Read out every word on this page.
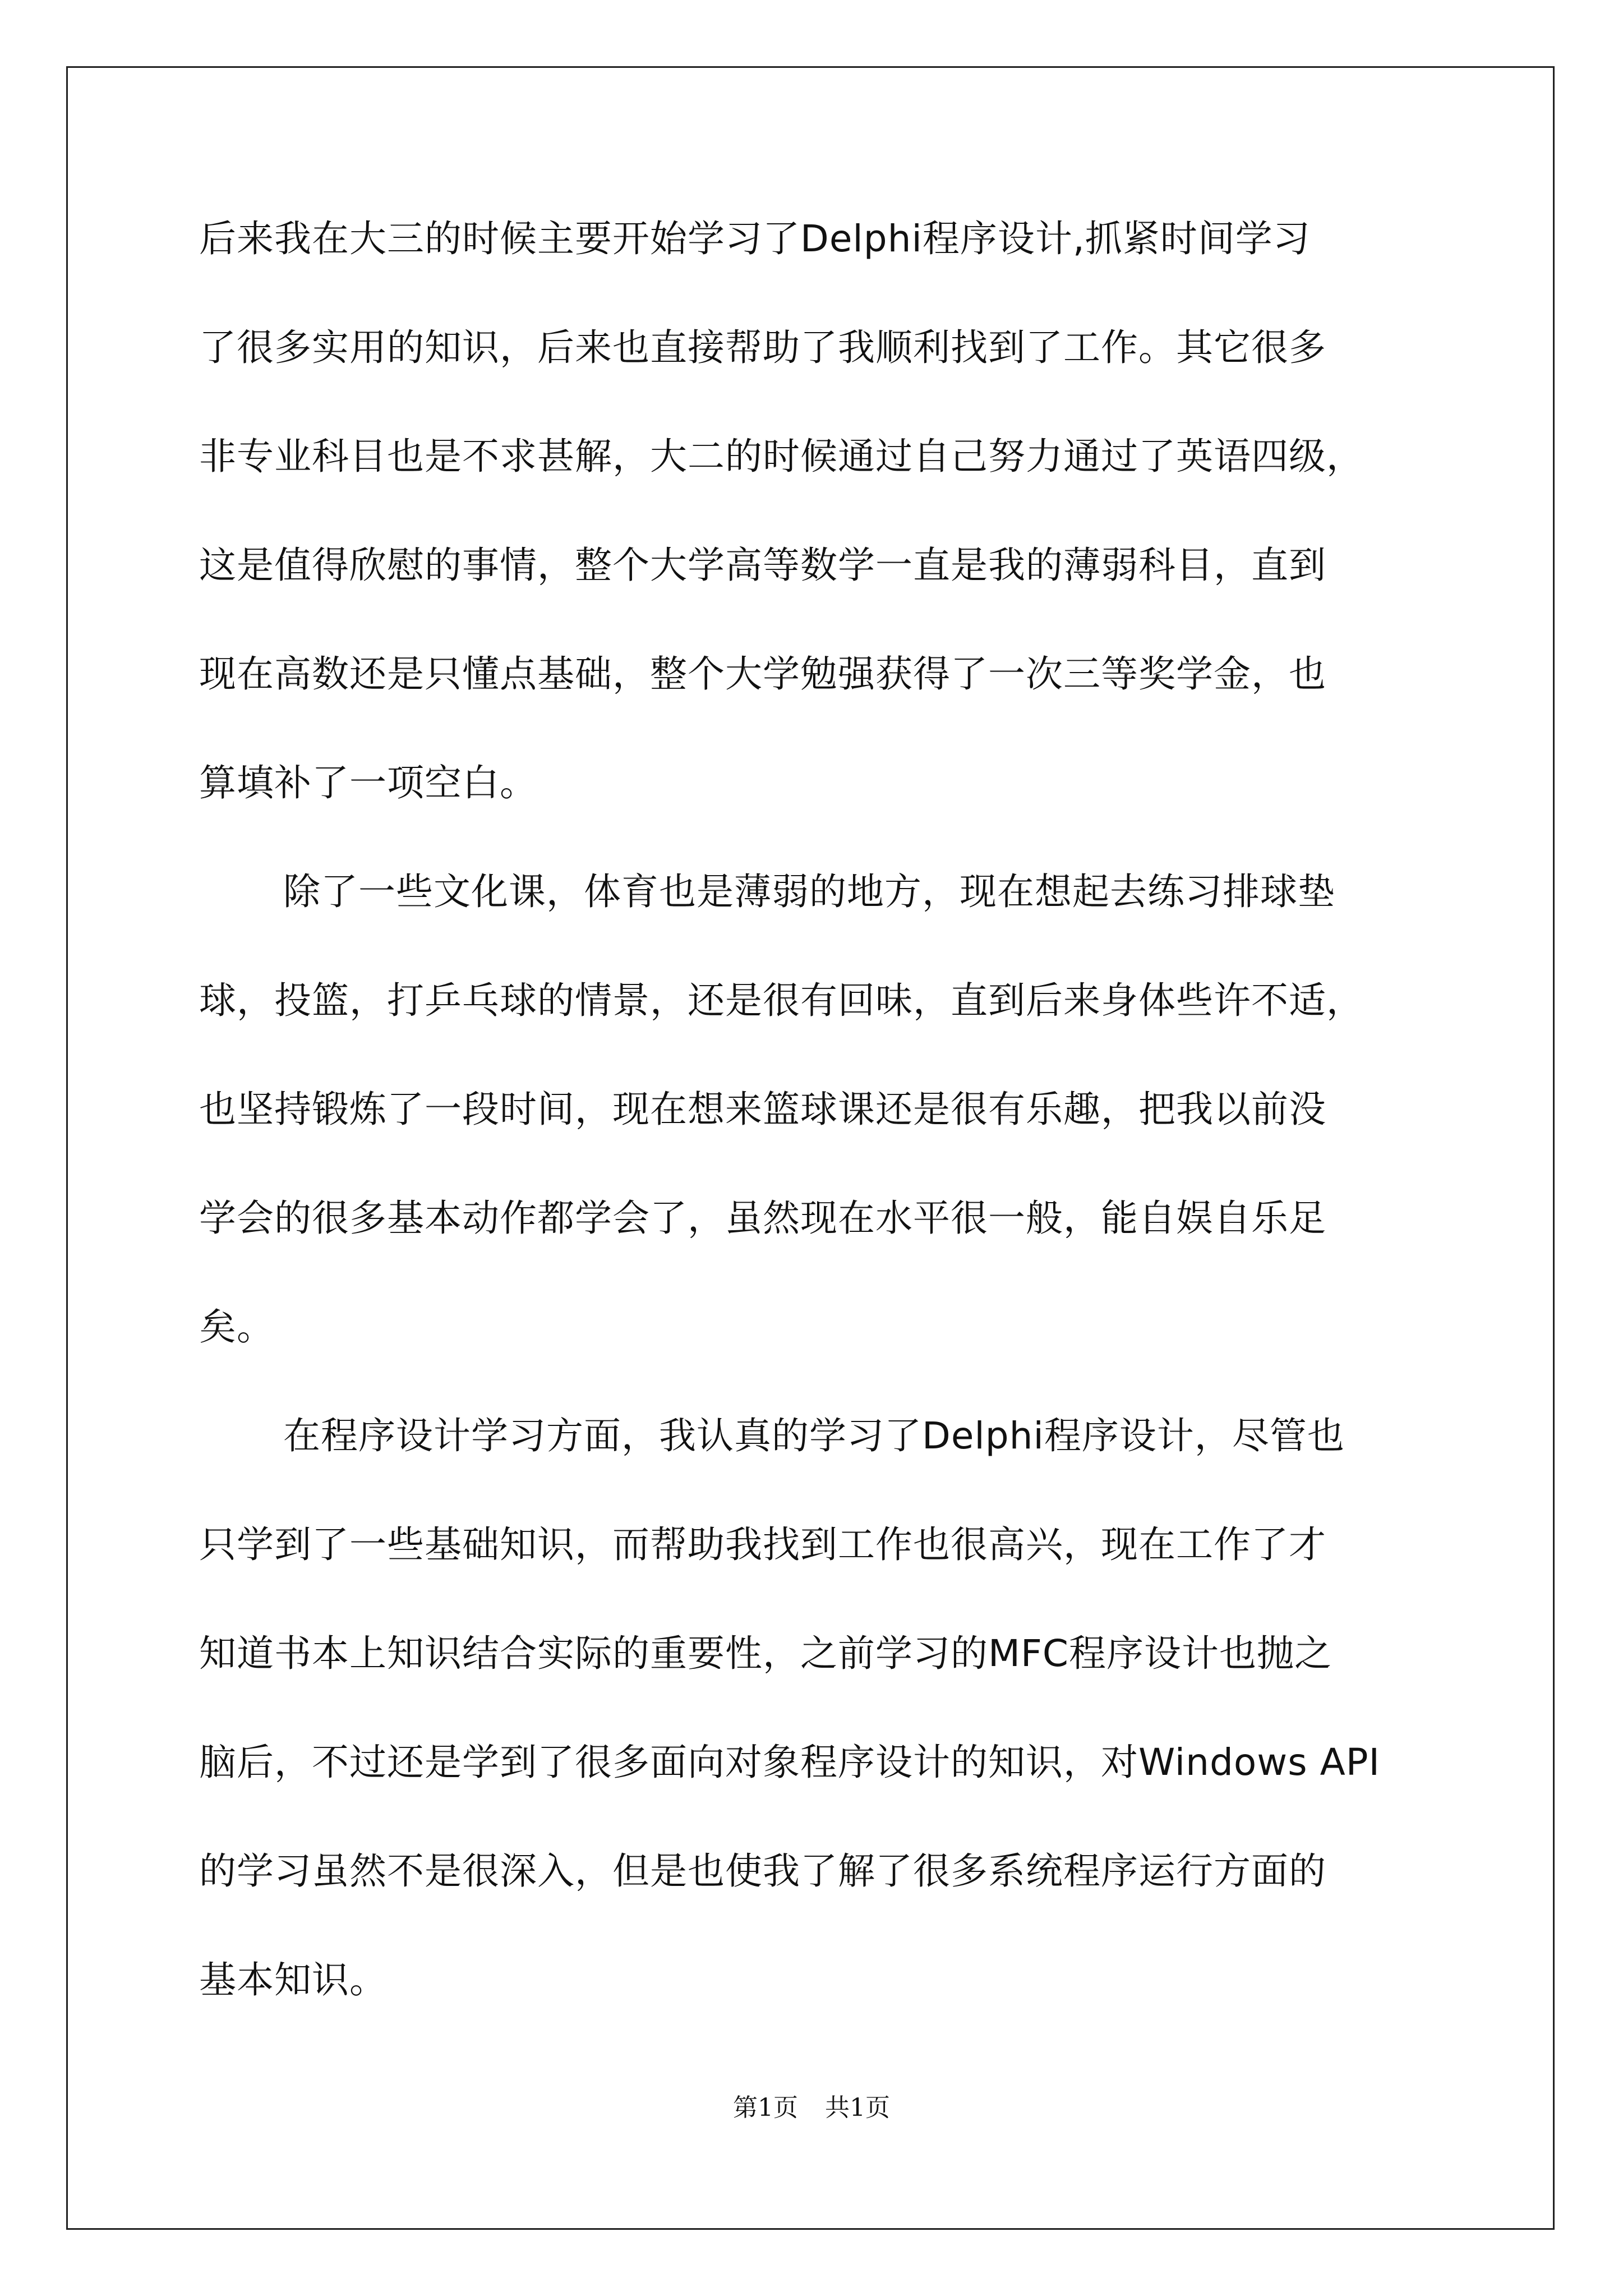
后来我在大三的时候主要开始学习了Delphi程序设计,抓紧时间学习
了很多实用的知识，后来也直接帮助了我顺利找到了工作。其它很多
非专业科目也是不求甚解，大二的时候通过自己努力通过了英语四级，
这是值得欣慰的事情，整个大学高等数学一直是我的薄弱科目，直到
现在高数还是只懂点基础，整个大学勉强获得了一次三等奖学金，也
算填补了一项空白。
除了一些文化课，体育也是薄弱的地方，现在想起去练习排球垫
球，投篮，打乒乓球的情景，还是很有回味，直到后来身体些许不适，
也坚持锻炼了一段时间，现在想来篮球课还是很有乐趣，把我以前没
学会的很多基本动作都学会了，虽然现在水平很一般，能自娱自乐足
矣。
在程序设计学习方面，我认真的学习了Delphi程序设计，尽管也
只学到了一些基础知识，而帮助我找到工作也很高兴，现在工作了才
知道书本上知识结合实际的重要性，之前学习的MFC程序设计也抛之
脑后，不过还是学到了很多面向对象程序设计的知识，对Windows API
的学习虽然不是很深入，但是也使我了解了很多系统程序运行方面的
基本知识。
第1页 共1页
